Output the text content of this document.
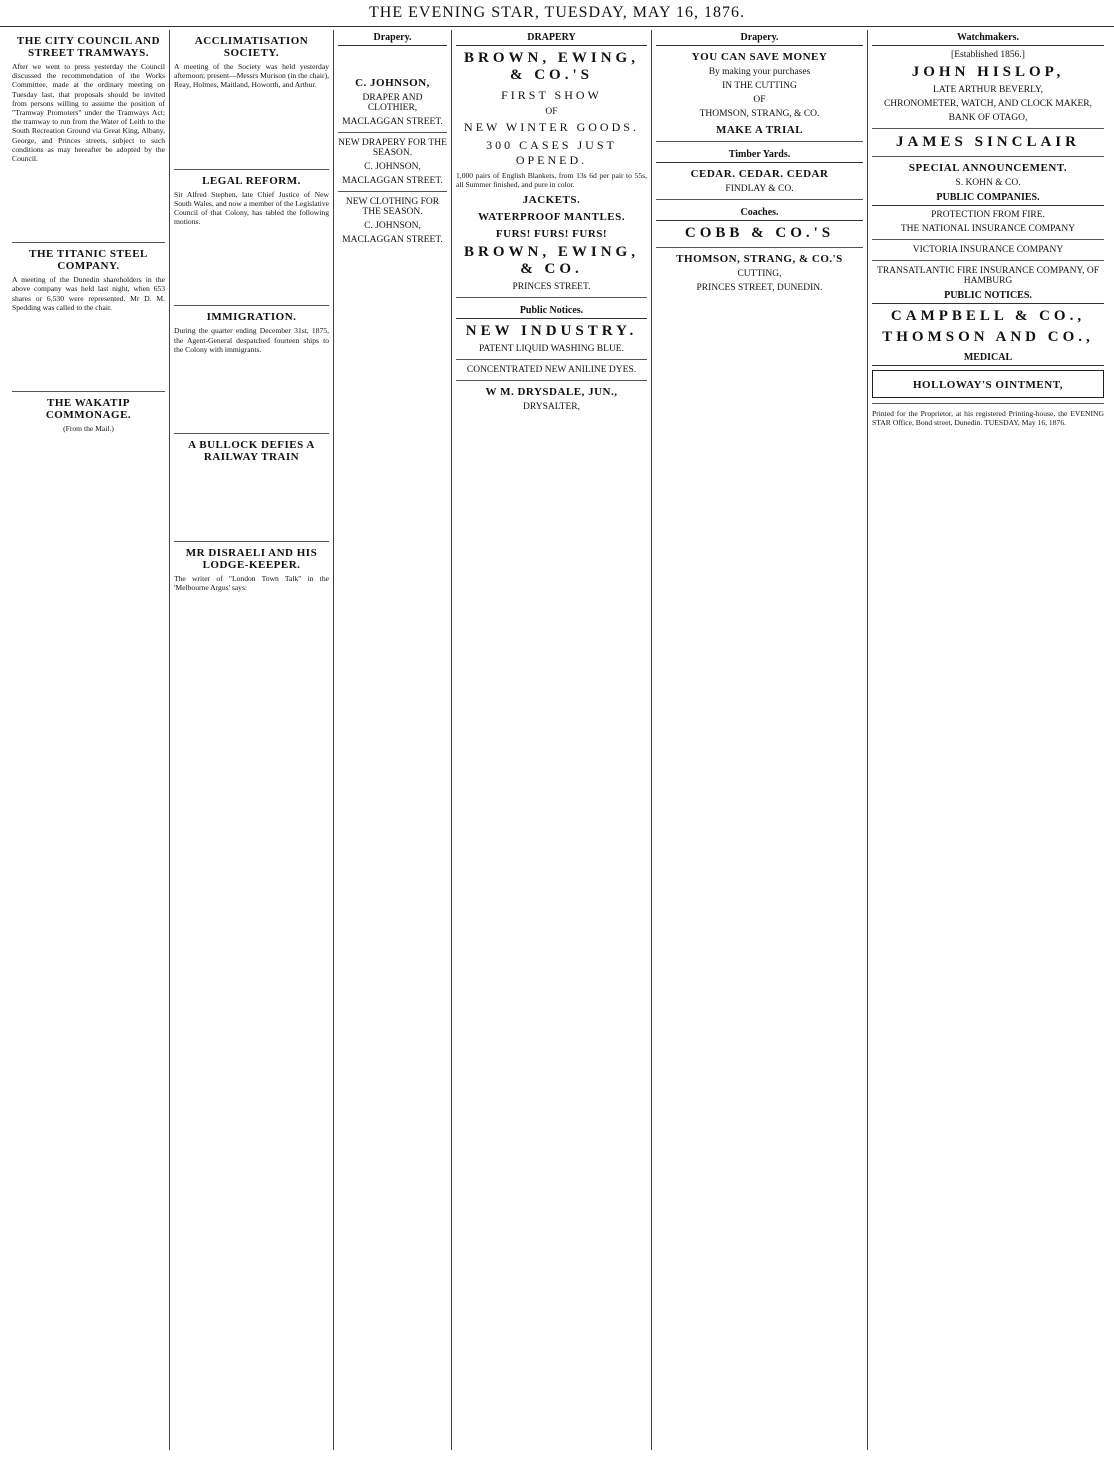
THE EVENING STAR, TUESDAY, MAY 16, 1876.
THE CITY COUNCIL AND STREET TRAMWAYS.

After we went to press yesterday the Council discussed the recommendation of the Works Committee, made at the ordinary meeting on Tuesday last, that proposals should be invited from persons willing to assume the position of "Tramway Promoters" under the Tramways Act; the tramway to run from the Water of Leith to the South Recreation Ground via Great King, Albany, George, and Princes streets, subject to such conditions as may hereafter be adopted by the Council.

THE TITANIC STEEL COMPANY.

A meeting of the Dunedin shareholders in the above company was held last night, when 653 shares or 6,530 were represented. Mr D. M. Spedding was called to the chair.

THE WAKATIP COMMONAGE.

(From the Mail.)

ACCLIMATISATION SOCIETY.

A meeting of the Society was held yesterday afternoon; present—Messrs Murison (in the chair), Reay, Holmes, Maitland, Howorth, and Arthur.

LEGAL REFORM.

Sir Alfred Stephen, late Chief Justice of New South Wales, and now a member of the Legislative Council of that Colony, has tabled the following motions.

IMMIGRATION.

During the quarter ending December 31st, 1875, the Agent-General despatched fourteen ships to the Colony with immigrants.

A BULLOCK DEFIES A RAILWAY TRAIN
MR DISRAELI AND HIS LODGE-KEEPER.

The writer of "London Town Talk" in the 'Melbourne Argus' says:

Drapery.
C. JOHNSON,
DRAPER AND CLOTHIER,
MACLAGGAN STREET.
NEW DRAPERY FOR THE SEASON.
C. JOHNSON,
MACLAGGAN STREET.
NEW CLOTHING FOR THE SEASON.
C. JOHNSON,
MACLAGGAN STREET.
DRAPERY
BROWN, EWING, & CO.'S
FIRST SHOW
OF
NEW WINTER GOODS.
300 CASES JUST OPENED.

1,000 pairs of English Blankets, from 13s 6d per pair to 55s, all Summer finished, and pure in color.

JACKETS.
WATERPROOF MANTLES.
FURS! FURS! FURS!
BROWN, EWING, & CO.
PRINCES STREET.
Public Notices.
NEW INDUSTRY.
PATENT LIQUID WASHING BLUE.
CONCENTRATED NEW ANILINE DYES.
W M. DRYSDALE, JUN.,
DRYSALTER,
Drapery.
YOU CAN SAVE MONEY
By making your purchases
IN THE CUTTING
OF
THOMSON, STRANG, & CO.
MAKE A TRIAL
Timber Yards.
CEDAR. CEDAR. CEDAR
FINDLAY & CO.
Coaches.
COBB & CO.'S
THOMSON, STRANG, & CO.'S
CUTTING,
PRINCES STREET, DUNEDIN.
Watchmakers.
[Established 1856.]
JOHN HISLOP,
LATE ARTHUR BEVERLY,
CHRONOMETER, WATCH, AND CLOCK MAKER,
BANK OF OTAGO,
JAMES SINCLAIR
SPECIAL ANNOUNCEMENT.
S. KOHN & CO.
PUBLIC COMPANIES.
PROTECTION FROM FIRE.
THE NATIONAL INSURANCE COMPANY
VICTORIA INSURANCE COMPANY
TRANSATLANTIC FIRE INSURANCE COMPANY, OF HAMBURG
PUBLIC NOTICES.
CAMPBELL & CO.,
THOMSON AND CO.,
MEDICAL
HOLLOWAY'S OINTMENT,

Printed for the Proprietor, at his registered Printing-house, the EVENING STAR Office, Bond street, Dunedin. TUESDAY, May 16, 1876.
